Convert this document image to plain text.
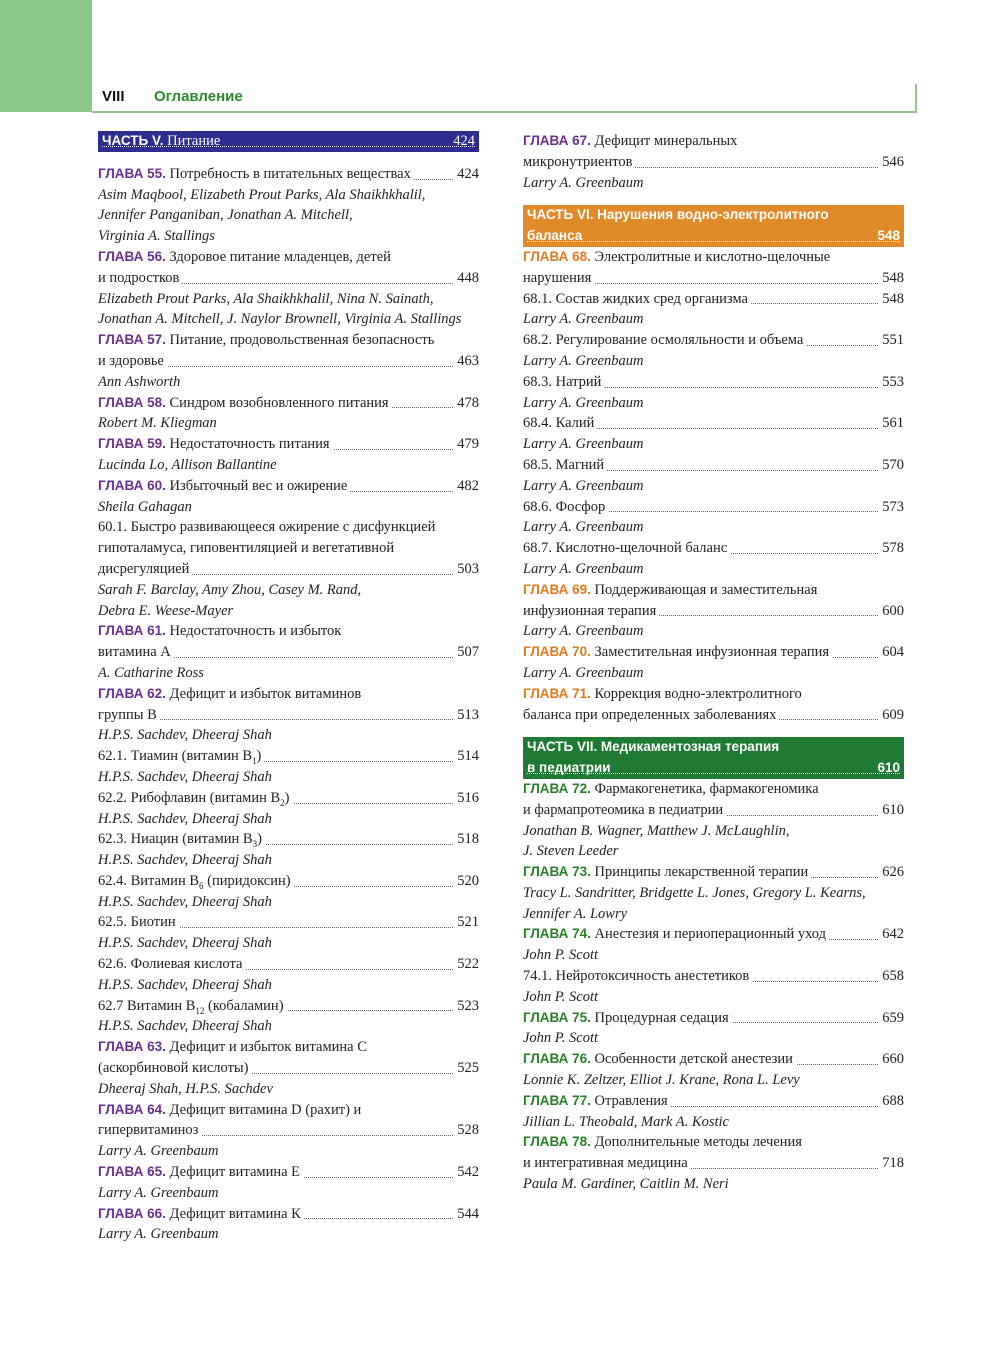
VIII Оглавление
ЧАСТЬ V. Питание	424
ГЛАВА 55. Потребность в питательных веществах	424
Asim Maqbool, Elizabeth Prout Parks, Ala Shaikhkhalil,
Jennifer Panganiban, Jonathan A. Mitchell,
Virginia A. Stallings
ГЛАВА 56. Здоровое питание младенцев, детей
и подростков	448
Elizabeth Prout Parks, Ala Shaikhkhalil, Nina N. Sainath,
Jonathan A. Mitchell, J. Naylor Brownell, Virginia A. Stallings
ГЛАВА 57. Питание, продовольственная безопасность
и здоровье	463
Ann Ashworth
ГЛАВА 58. Синдром возобновленного питания	478
Robert M. Kliegman
ГЛАВА 59. Недостаточность питания	479
Lucinda Lo, Allison Ballantine
ГЛАВА 60. Избыточный вес и ожирение	482
Sheila Gahagan
60.1. Быстро развивающееся ожирение с дисфункцией
гипоталамуса, гиповентиляцией и вегетативной
дисрегуляцией	503
Sarah F. Barclay, Amy Zhou, Casey M. Rand,
Debra E. Weese-Mayer
ГЛАВА 61. Недостаточность и избыток
витамина А	507
A. Catharine Ross
ГЛАВА 62. Дефицит и избыток витаминов
группы В	513
H.P.S. Sachdev, Dheeraj Shah
62.1. Тиамин (витамин $В_1$)	514
H.P.S. Sachdev, Dheeraj Shah
62.2. Рибофлавин (витамин $В_2$)	516
H.P.S. Sachdev, Dheeraj Shah
62.3. Ниацин (витамин $В_3$)	518
H.P.S. Sachdev, Dheeraj Shah
62.4. Витамин $В_6$ (пиридоксин)	520
H.P.S. Sachdev, Dheeraj Shah
62.5. Биотин	521
H.P.S. Sachdev, Dheeraj Shah
62.6. Фолиевая кислота	522
H.P.S. Sachdev, Dheeraj Shah
62.7 Витамин $В_{12}$ (кобаламин)	523
H.P.S. Sachdev, Dheeraj Shah
ГЛАВА 63. Дефицит и избыток витамина С
(аскорбиновой кислоты)	525
Dheeraj Shah, H.P.S. Sachdev
ГЛАВА 64. Дефицит витамина D (рахит) и
гипервитаминоз	528
Larry A. Greenbaum
ГЛАВА 65. Дефицит витамина Е	542
Larry A. Greenbaum
ГЛАВА 66. Дефицит витамина К	544
Larry A. Greenbaum
ГЛАВА 67. Дефицит минеральных
микронутриентов	546
Larry A. Greenbaum
ЧАСТЬ VI. Нарушения водно-электролитного
баланса	548
ГЛАВА 68. Электролитные и кислотно-щелочные
нарушения	548
68.1. Состав жидких сред организма	548
Larry A. Greenbaum
68.2. Регулирование осмоляльности и объема	551
Larry A. Greenbaum
68.3. Натрий	553
Larry A. Greenbaum
68.4. Калий	561
Larry A. Greenbaum
68.5. Магний	570
Larry A. Greenbaum
68.6. Фосфор	573
Larry A. Greenbaum
68.7. Кислотно-щелочной баланс	578
Larry A. Greenbaum
ГЛАВА 69. Поддерживающая и заместительная
инфузионная терапия	600
Larry A. Greenbaum
ГЛАВА 70. Заместительная инфузионная терапия	604
Larry A. Greenbaum
ГЛАВА 71. Коррекция водно-электролитного
баланса при определенных заболеваниях	609
ЧАСТЬ VII. Медикаментозная терапия
в педиатрии	610
ГЛАВА 72. Фармакогенетика, фармакогеномика
и фармапротеомика в педиатрии	610
Jonathan B. Wagner, Matthew J. McLaughlin,
J. Steven Leeder
ГЛАВА 73. Принципы лекарственной терапии	626
Tracy L. Sandritter, Bridgette L. Jones, Gregory L. Kearns,
Jennifer A. Lowry
ГЛАВА 74. Анестезия и периоперационный уход	642
John P. Scott
74.1. Нейротоксичность анестетиков	658
John P. Scott
ГЛАВА 75. Процедурная седация	659
John P. Scott
ГЛАВА 76. Особенности детской анестезии	660
Lonnie K. Zeltzer, Elliot J. Krane, Rona L. Levy
ГЛАВА 77. Отравления	688
Jillian L. Theobald, Mark A. Kostic
ГЛАВА 78. Дополнительные методы лечения
и интегративная медицина	718
Paula M. Gardiner, Caitlin M. Neri
